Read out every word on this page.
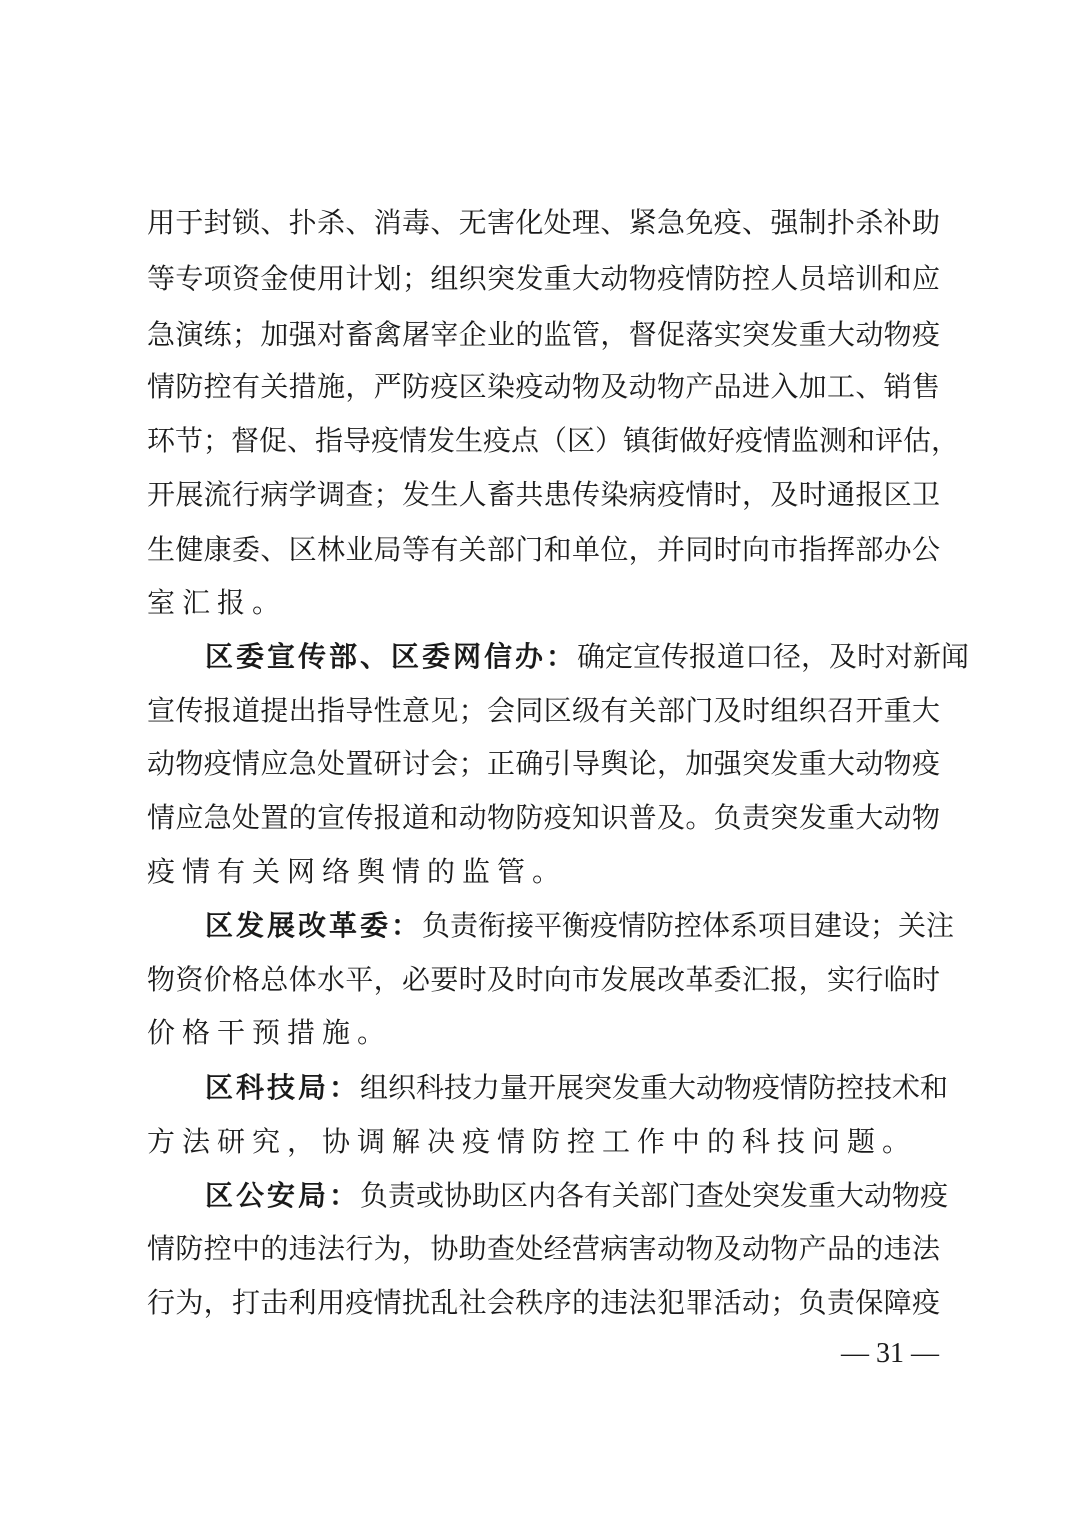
用于封锁、扑杀、消毒、无害化处理、紧急免疫、强制扑杀补助
等专项资金使用计划；组织突发重大动物疫情防控人员培训和应
急演练；加强对畜禽屠宰企业的监管，督促落实突发重大动物疫
情防控有关措施，严防疫区染疫动物及动物产品进入加工、销售
环节；督促、指导疫情发生疫点（区）镇街做好疫情监测和评估，
开展流行病学调查；发生人畜共患传染病疫情时，及时通报区卫
生健康委、区林业局等有关部门和单位，并同时向市指挥部办公
室汇报。
区委宣传部、区委网信办：确定宣传报道口径，及时对新闻
宣传报道提出指导性意见；会同区级有关部门及时组织召开重大
动物疫情应急处置研讨会；正确引导舆论，加强突发重大动物疫
情应急处置的宣传报道和动物防疫知识普及。负责突发重大动物
疫情有关网络舆情的监管。
区发展改革委：负责衔接平衡疫情防控体系项目建设；关注
物资价格总体水平，必要时及时向市发展改革委汇报，实行临时
价格干预措施。
区科技局：组织科技力量开展突发重大动物疫情防控技术和
方法研究，协调解决疫情防控工作中的科技问题。
区公安局：负责或协助区内各有关部门查处突发重大动物疫
情防控中的违法行为，协助查处经营病害动物及动物产品的违法
行为，打击利用疫情扰乱社会秩序的违法犯罪活动；负责保障疫
— 31 —
